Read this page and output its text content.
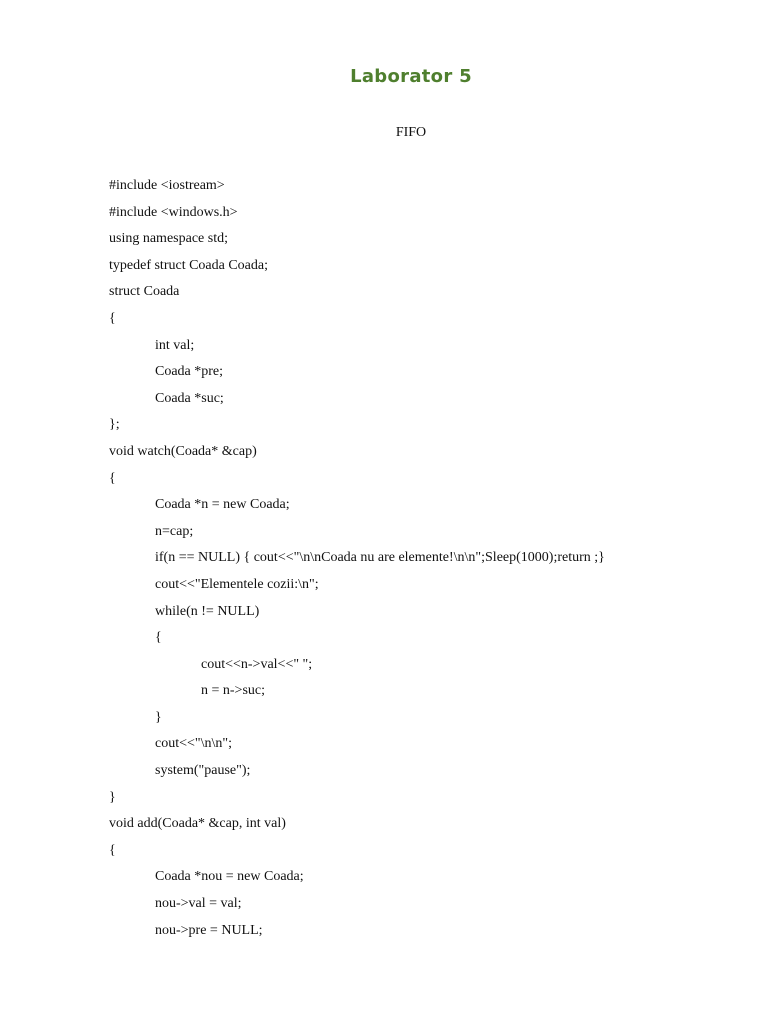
Laborator 5
FIFO
#include <iostream>
#include <windows.h>
using namespace std;
typedef struct Coada Coada;
struct Coada
{
int val;
Coada *pre;
Coada *suc;
};
void watch(Coada* &cap)
{
Coada *n = new Coada;
n=cap;
if(n == NULL) { cout<<"\n\nCoada nu are elemente!\n\n";Sleep(1000);return ;}
cout<<"Elementele cozii:\n";
while(n != NULL)
{
cout<<n->val<<" ";
n = n->suc;
}
cout<<"\n\n";
system("pause");
}
void add(Coada* &cap, int val)
{
Coada *nou = new Coada;
nou->val = val;
nou->pre = NULL;
